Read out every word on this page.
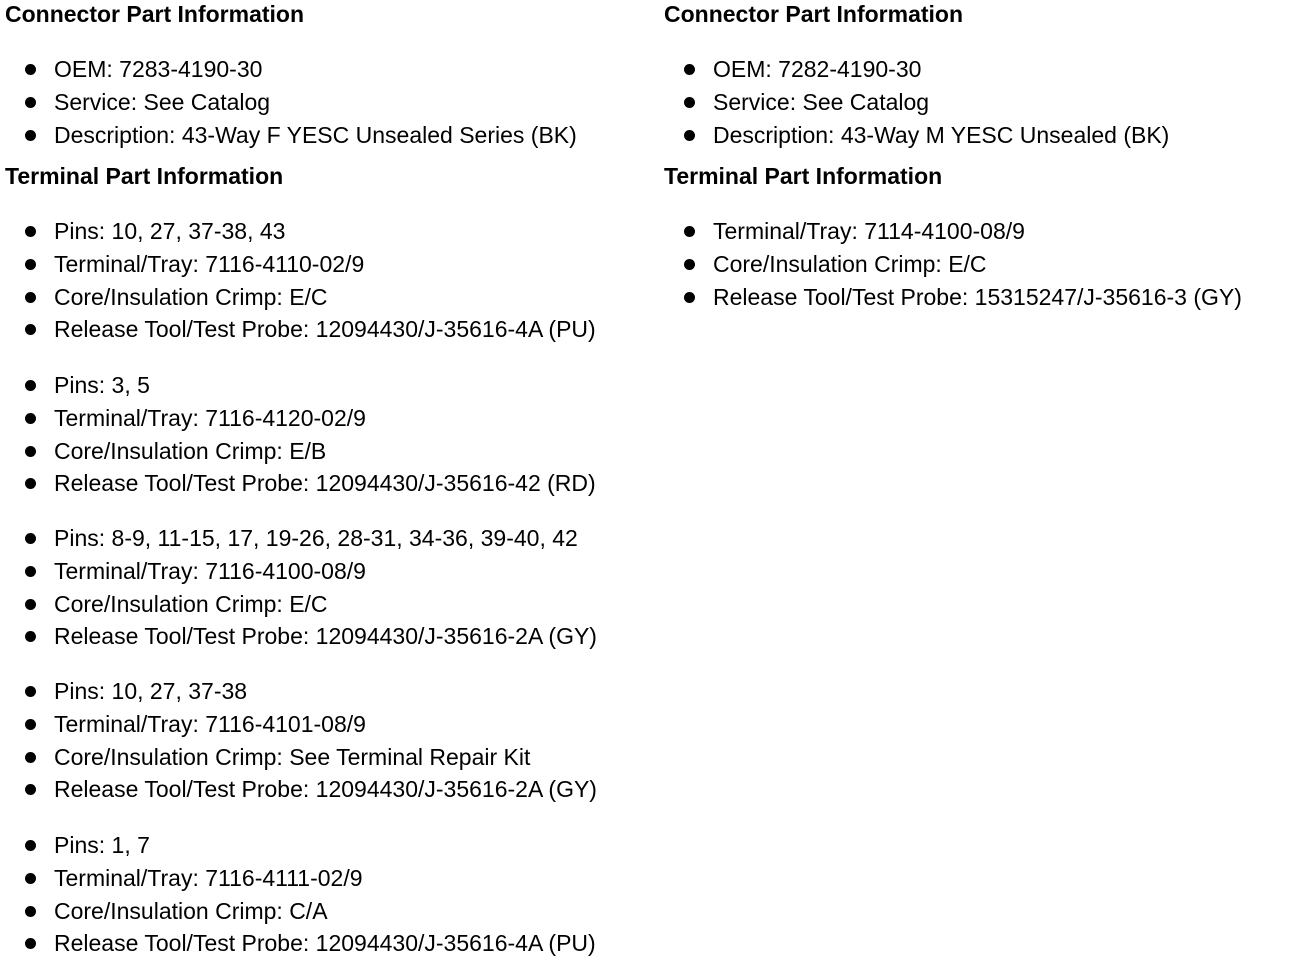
Connector Part Information
OEM: 7283-4190-30
Service: See Catalog
Description: 43-Way F YESC Unsealed Series (BK)
Terminal Part Information
Pins: 10, 27, 37-38, 43
Terminal/Tray: 7116-4110-02/9
Core/Insulation Crimp: E/C
Release Tool/Test Probe: 12094430/J-35616-4A (PU)
Pins: 3, 5
Terminal/Tray: 7116-4120-02/9
Core/Insulation Crimp: E/B
Release Tool/Test Probe: 12094430/J-35616-42 (RD)
Pins: 8-9, 11-15, 17, 19-26, 28-31, 34-36, 39-40, 42
Terminal/Tray: 7116-4100-08/9
Core/Insulation Crimp: E/C
Release Tool/Test Probe: 12094430/J-35616-2A (GY)
Pins: 10, 27, 37-38
Terminal/Tray: 7116-4101-08/9
Core/Insulation Crimp: See Terminal Repair Kit
Release Tool/Test Probe: 12094430/J-35616-2A (GY)
Pins: 1, 7
Terminal/Tray: 7116-4111-02/9
Core/Insulation Crimp: C/A
Release Tool/Test Probe: 12094430/J-35616-4A (PU)
Connector Part Information
OEM: 7282-4190-30
Service: See Catalog
Description: 43-Way M YESC Unsealed (BK)
Terminal Part Information
Terminal/Tray: 7114-4100-08/9
Core/Insulation Crimp: E/C
Release Tool/Test Probe: 15315247/J-35616-3 (GY)
